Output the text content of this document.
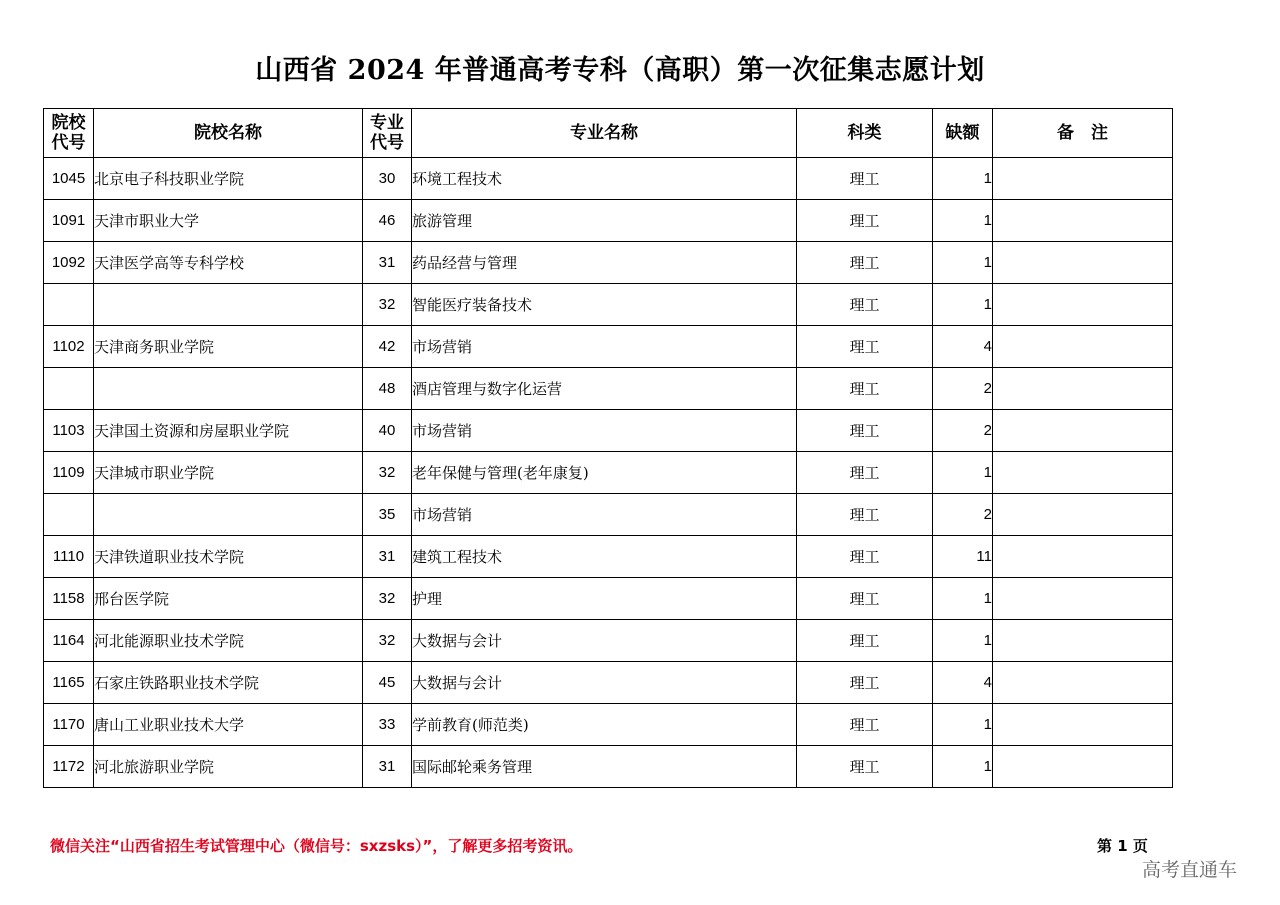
山西省 2024 年普通高考专科（高职）第一次征集志愿计划
院校代号	院校名称	专业代号	专业名称	科类	缺额	备　注
1045	北京电子科技职业学院	30	环境工程技术	理工	1	
1091	天津市职业大学	46	旅游管理	理工	1	
1092	天津医学高等专科学校	31	药品经营与管理	理工	1	
		32	智能医疗装备技术	理工	1	
1102	天津商务职业学院	42	市场营销	理工	4	
		48	酒店管理与数字化运营	理工	2	
1103	天津国土资源和房屋职业学院	40	市场营销	理工	2	
1109	天津城市职业学院	32	老年保健与管理(老年康复)	理工	1	
		35	市场营销	理工	2	
1110	天津铁道职业技术学院	31	建筑工程技术	理工	11	
1158	邢台医学院	32	护理	理工	1	
1164	河北能源职业技术学院	32	大数据与会计	理工	1	
1165	石家庄铁路职业技术学院	45	大数据与会计	理工	4	
1170	唐山工业职业技术大学	33	学前教育(师范类)	理工	1	
1172	河北旅游职业学院	31	国际邮轮乘务管理	理工	1	
微信关注“山西省招生考试管理中心（微信号：sxzsks）”，了解更多招考资讯。	第 1 页
高考直通车
